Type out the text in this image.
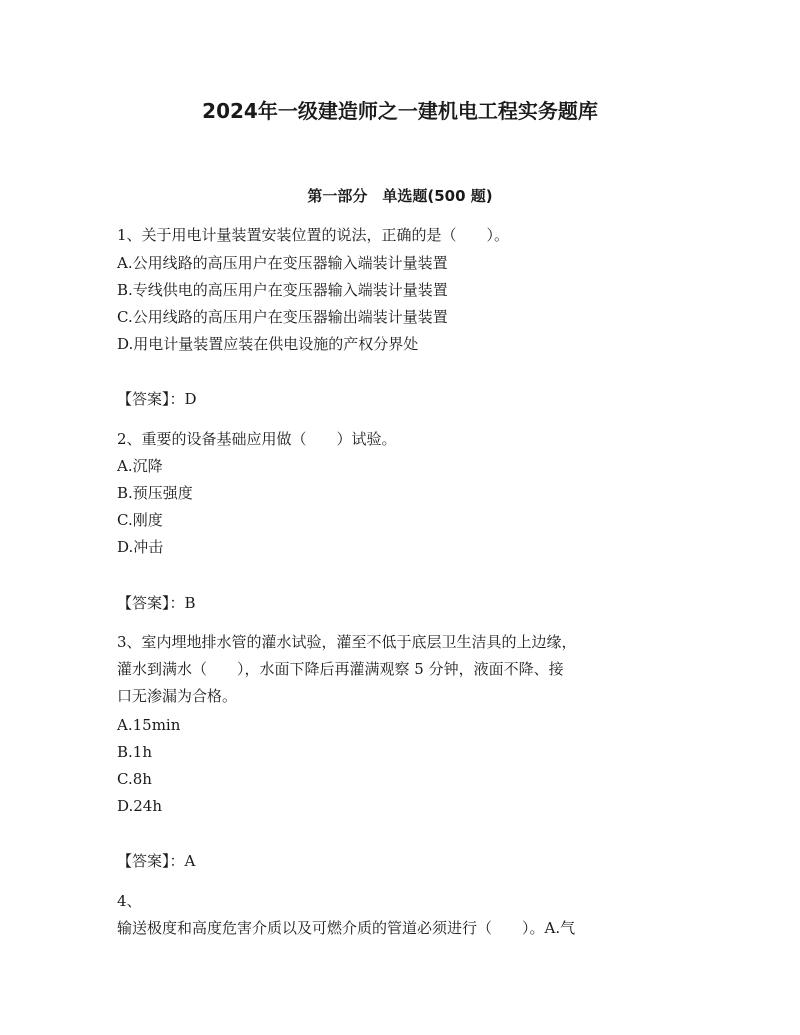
2024年一级建造师之一建机电工程实务题库
第一部分　单选题(500 题)
1、关于用电计量装置安装位置的说法，正确的是（　　）。
A.公用线路的高压用户在变压器输入端装计量装置
B.专线供电的高压用户在变压器输入端装计量装置
C.公用线路的高压用户在变压器输出端装计量装置
D.用电计量装置应装在供电设施的产权分界处
【答案】：D
2、重要的设备基础应用做（　　）试验。
A.沉降
B.预压强度
C.刚度
D.冲击
【答案】：B
3、室内埋地排水管的灌水试验，灌至不低于底层卫生洁具的上边缘，
灌水到满水（　　），水面下降后再灌满观察 5 分钟，液面不降、接
口无渗漏为合格。
A.15min
B.1h
C.8h
D.24h
【答案】：A
4、
输送极度和高度危害介质以及可燃介质的管道必须进行（　　）。A.气
